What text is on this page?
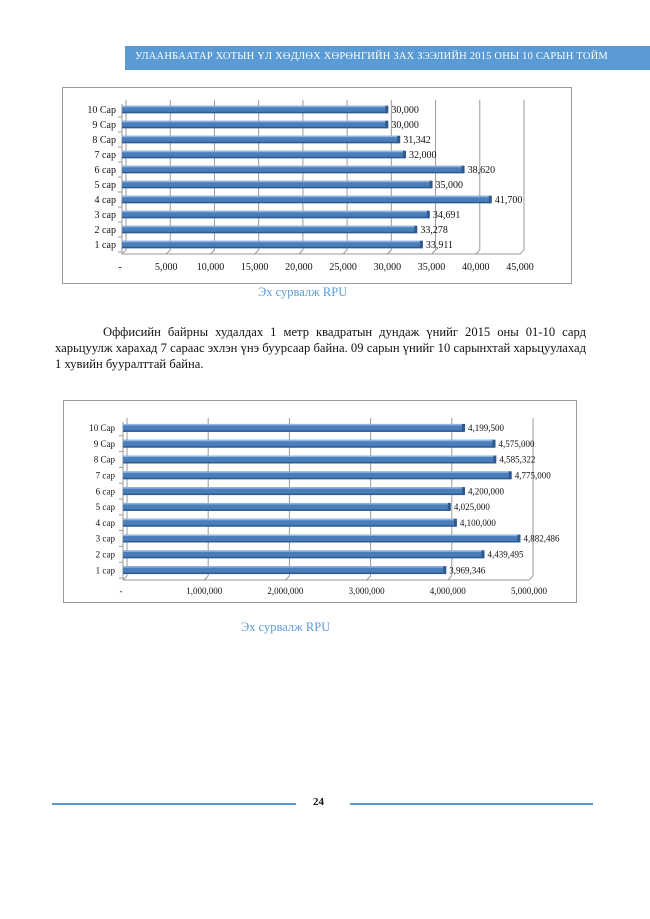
УЛААНБААТАР ХОТЫН ҮЛ ХӨДЛӨХ ХӨРӨНГИЙН ЗАХ ЗЭЭЛИЙН 2015 ОНЫ 10 САРЫН ТОЙМ
-	5,000 10,000 15,000 20,000 25,000 30,000 35,000 40,000 45,000
1 сар	33,911
2 сар	33,278
3 сар	34,691
4 сар	41,700
5 сар	35,000
6 сар	38,620
7 сар	32,000
8 Сар	31,342
9 Сар	30,000
10 Сар	30,000
Эх сурвалж RPU

Оффисийн байрны худалдах 1 метр квадратын дундаж үнийг 2015 оны 01-10 сард харьцуулж харахад 7 сараас эхлэн үнэ буурсаар байна. 09 сарын үнийг 10 сарынхтай харьцуулахад 1 хувийн бууралттай байна.

-	1,000,000	2,000,000	3,000,000	4,000,000	5,000,000
1 сар	3,969,346
2 сар	4,439,495
3 сар	4,882,486
4 сар	4,100,000
5 сар	4,025,000
6 сар	4,200,000
7 сар	4,775,000
8 Сар	4,585,322
9 Сар	4,575,000
10 Сар	4,199,500
Эх сурвалж RPU
24
